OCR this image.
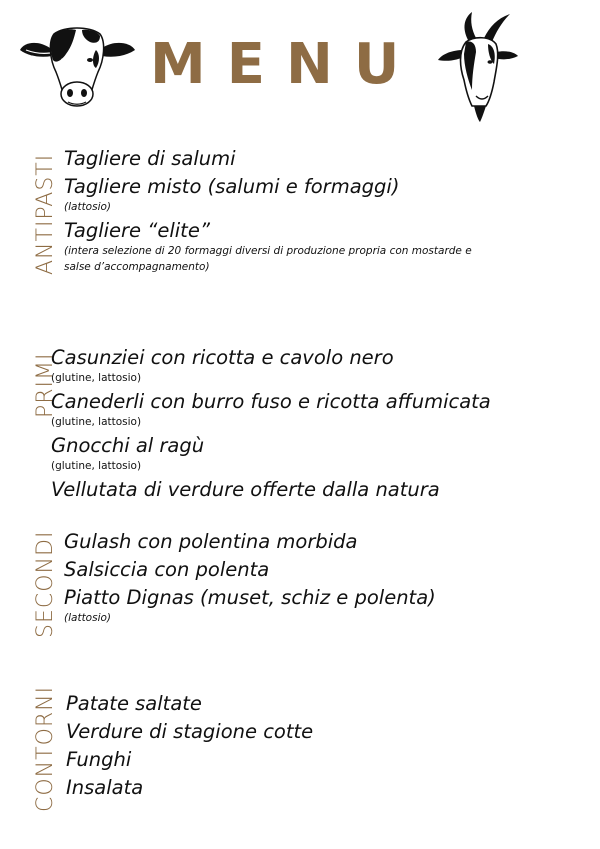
MENU
ANTIPASTI Tagliere di salumi
Tagliere misto (salumi e formaggi)
(lattosio)
Tagliere “elite”
(intera selezione di 20 formaggi diversi di produzione propria con mostarde e salse d’accompagnamento)
PRIMI
Casunziei con ricotta e cavolo nero
(glutine, lattosio)
Canederli con burro fuso e ricotta affumicata
(glutine, lattosio)
Gnocchi al ragù
(glutine, lattosio)
Vellutata di verdure offerte dalla natura
SECONDI Gulash con polentina morbida
Salsiccia con polenta
Piatto Dignas (muset, schiz e polenta)
(lattosio)
CONTORNI Patate saltate
Verdure di stagione cotte
Funghi
Insalata
